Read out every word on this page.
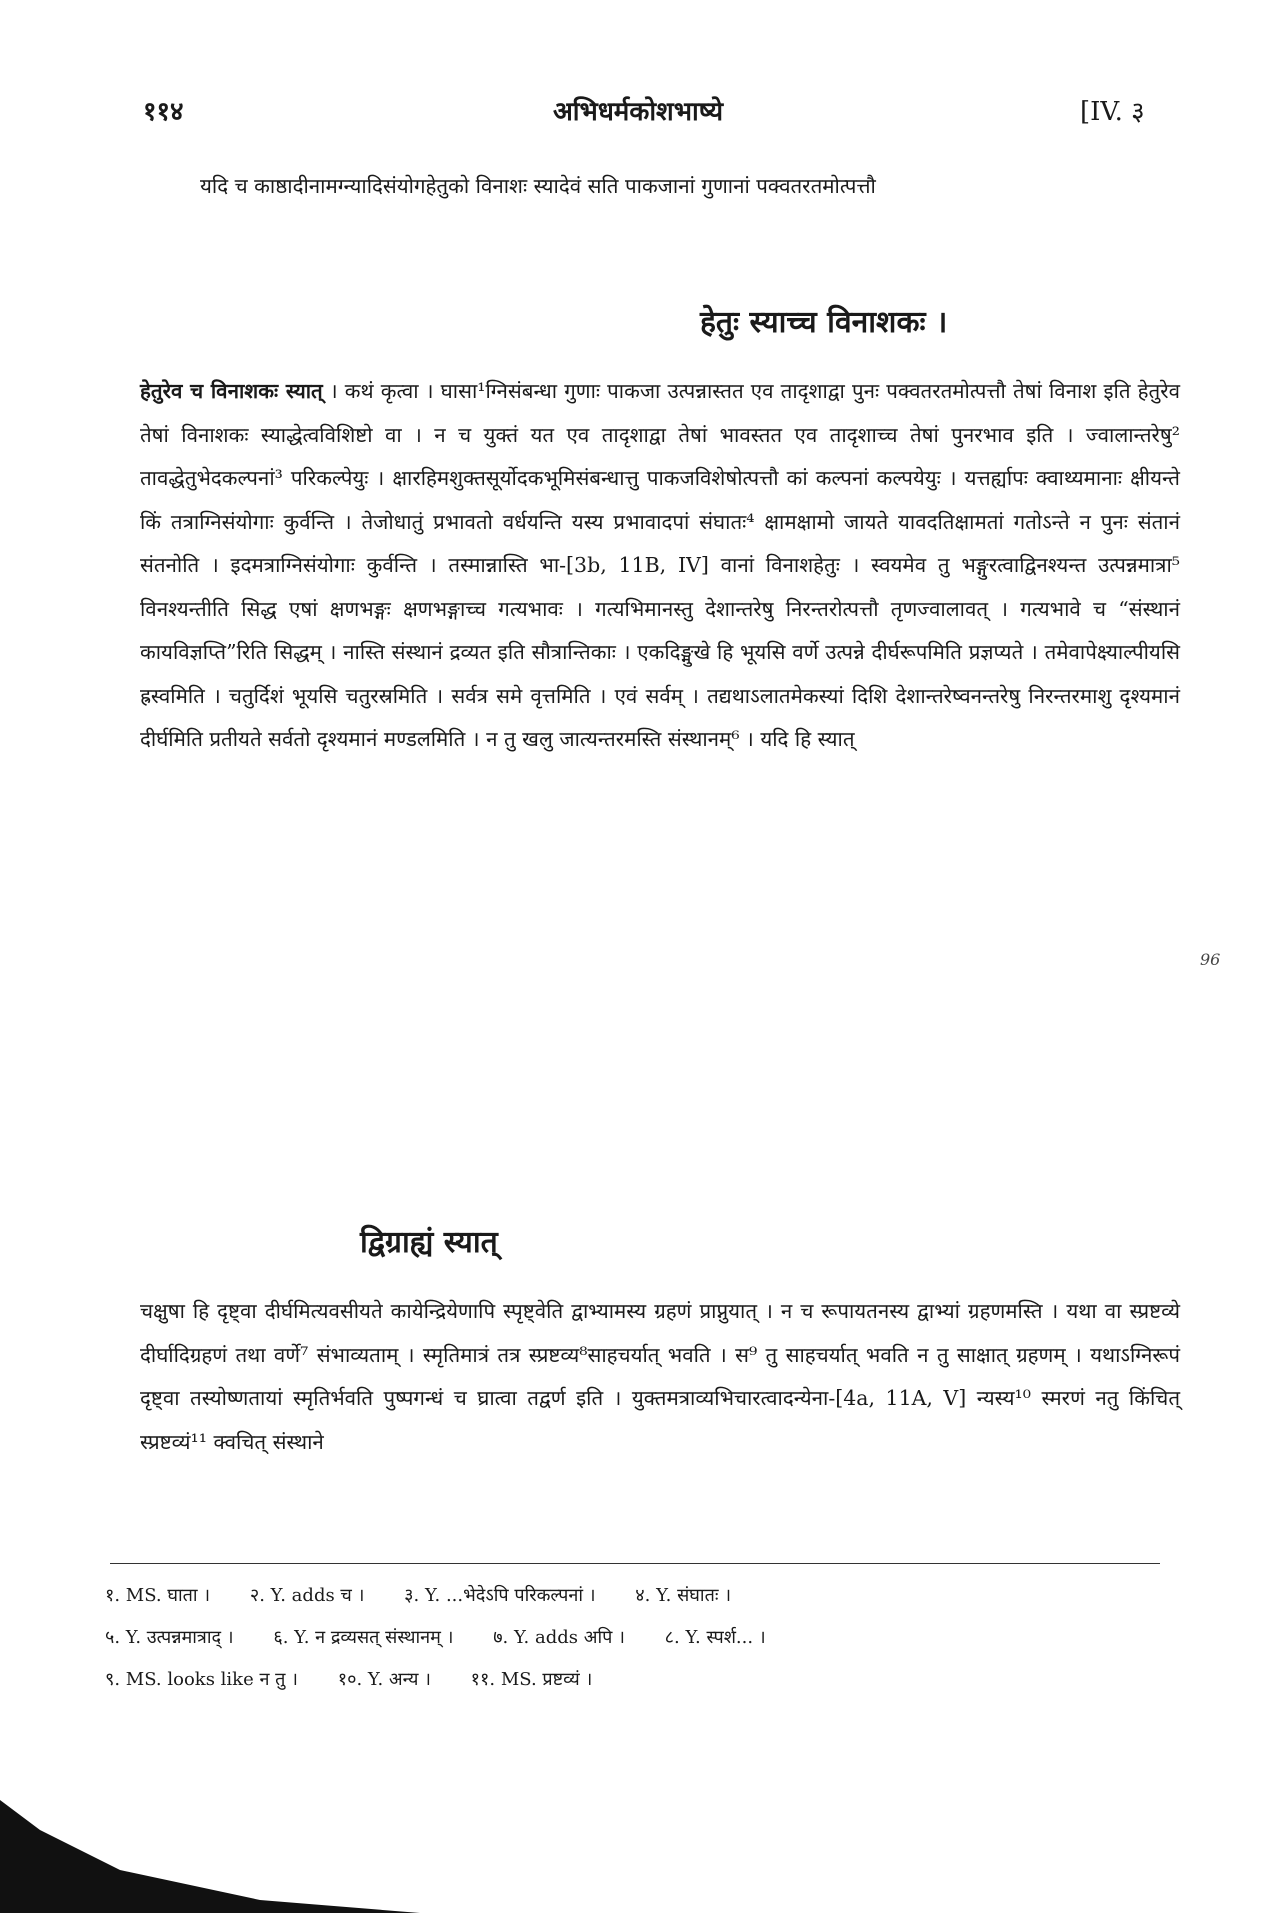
११४	अभिधर्मकोशभाष्ये	[IV. ३

यदि च काष्ठादीनामग्न्यादिसंयोगहेतुको विनाशः स्यादेवं सति पाकजानां गुणानां पक्वतरतमोत्पत्तौ

हेतुः स्याच्च विनाशकः ।

हेतुरेव च विनाशकः स्यात् । कथं कृत्वा । घासा¹ग्निसंबन्धा गुणाः पाकजा उत्पन्नास्तत एव तादृशाद्वा पुनः पक्वतरतमोत्पत्तौ तेषां विनाश इति हेतुरेव तेषां विनाशकः स्याद्धेत्वविशिष्टो वा । न च युक्तं यत एव तादृशाद्वा तेषां भावस्तत एव तादृशाच्च तेषां पुनरभाव इति । ज्वालान्तरेषु² तावद्धेतुभेदकल्पनां³ परिकल्पेयुः । क्षारहिमशुक्तसूर्योदकभूमिसंबन्धात्तु पाकजविशेषोत्पत्तौ कां कल्पनां कल्पयेयुः । यत्तर्ह्यापः क्वाथ्यमानाः क्षीयन्ते किं तत्राग्निसंयोगाः कुर्वन्ति । तेजोधातुं प्रभावतो वर्धयन्ति यस्य प्रभावादपां संघातः⁴ क्षामक्षामो जायते यावदतिक्षामतां गतोऽन्ते न पुनः संतानं संतनोति । इदमत्राग्निसंयोगाः कुर्वन्ति । तस्मान्नास्ति भा-[3b, 11B, IV] वानां विनाशहेतुः । स्वयमेव तु भङ्गुरत्वाद्विनश्यन्त उत्पन्नमात्रा⁵ विनश्यन्तीति सिद्ध एषां क्षणभङ्गः क्षणभङ्गाच्च गत्यभावः । गत्यभिमानस्तु देशान्तरेषु निरन्तरोत्पत्तौ तृणज्वालावत् । गत्यभावे च “संस्थानं कायविज्ञप्ति”रिति सिद्धम् । नास्ति संस्थानं द्रव्यत इति सौत्रान्तिकाः । एकदिङ्मुखे हि भूयसि वर्णे उत्पन्ने दीर्घरूपमिति प्रज्ञप्यते । तमेवापेक्ष्याल्पीयसि ह्रस्वमिति । चतुर्दिशं भूयसि चतुरस्रमिति । सर्वत्र समे वृत्तमिति । एवं सर्वम् । तद्यथाऽलातमेकस्यां दिशि देशान्तरेष्वनन्तरेषु निरन्तरमाशु दृश्यमानं दीर्घमिति प्रतीयते सर्वतो दृश्यमानं मण्डलमिति । न तु खलु जात्यन्तरमस्ति संस्थानम्⁶ । यदि हि स्यात्

96
द्विग्राह्यं स्यात्

चक्षुषा हि दृष्ट्वा दीर्घमित्यवसीयते कायेन्द्रियेणापि स्पृष्ट्वेति द्वाभ्यामस्य ग्रहणं प्राप्नुयात् । न च रूपायतनस्य द्वाभ्यां ग्रहणमस्ति । यथा वा स्प्रष्टव्ये दीर्घादिग्रहणं तथा वर्णे⁷ संभाव्यताम् । स्मृतिमात्रं तत्र स्प्रष्टव्य⁸साहचर्यात् भवति । स⁹ तु साहचर्यात् भवति न तु साक्षात् ग्रहणम् । यथाऽग्निरूपं दृष्ट्वा तस्योष्णतायां स्मृतिर्भवति पुष्पगन्धं च घ्रात्वा तद्वर्ण इति । युक्तमत्राव्यभिचारत्वादन्येना-[4a, 11A, V] न्यस्य¹⁰ स्मरणं नतु किंचित् स्प्रष्टव्यं¹¹ क्वचित् संस्थाने

१. MS. घाता । २. Y. adds च । ३. Y. ...भेदेऽपि परिकल्पनां । ४. Y. संघातः ।

५. Y. उत्पन्नमात्राद् । ६. Y. न द्रव्यसत् संस्थानम् । ७. Y. adds अपि । ८. Y. स्पर्श... ।

९. MS. looks like न तु । १०. Y. अन्य । ११. MS. प्रष्टव्यं ।
